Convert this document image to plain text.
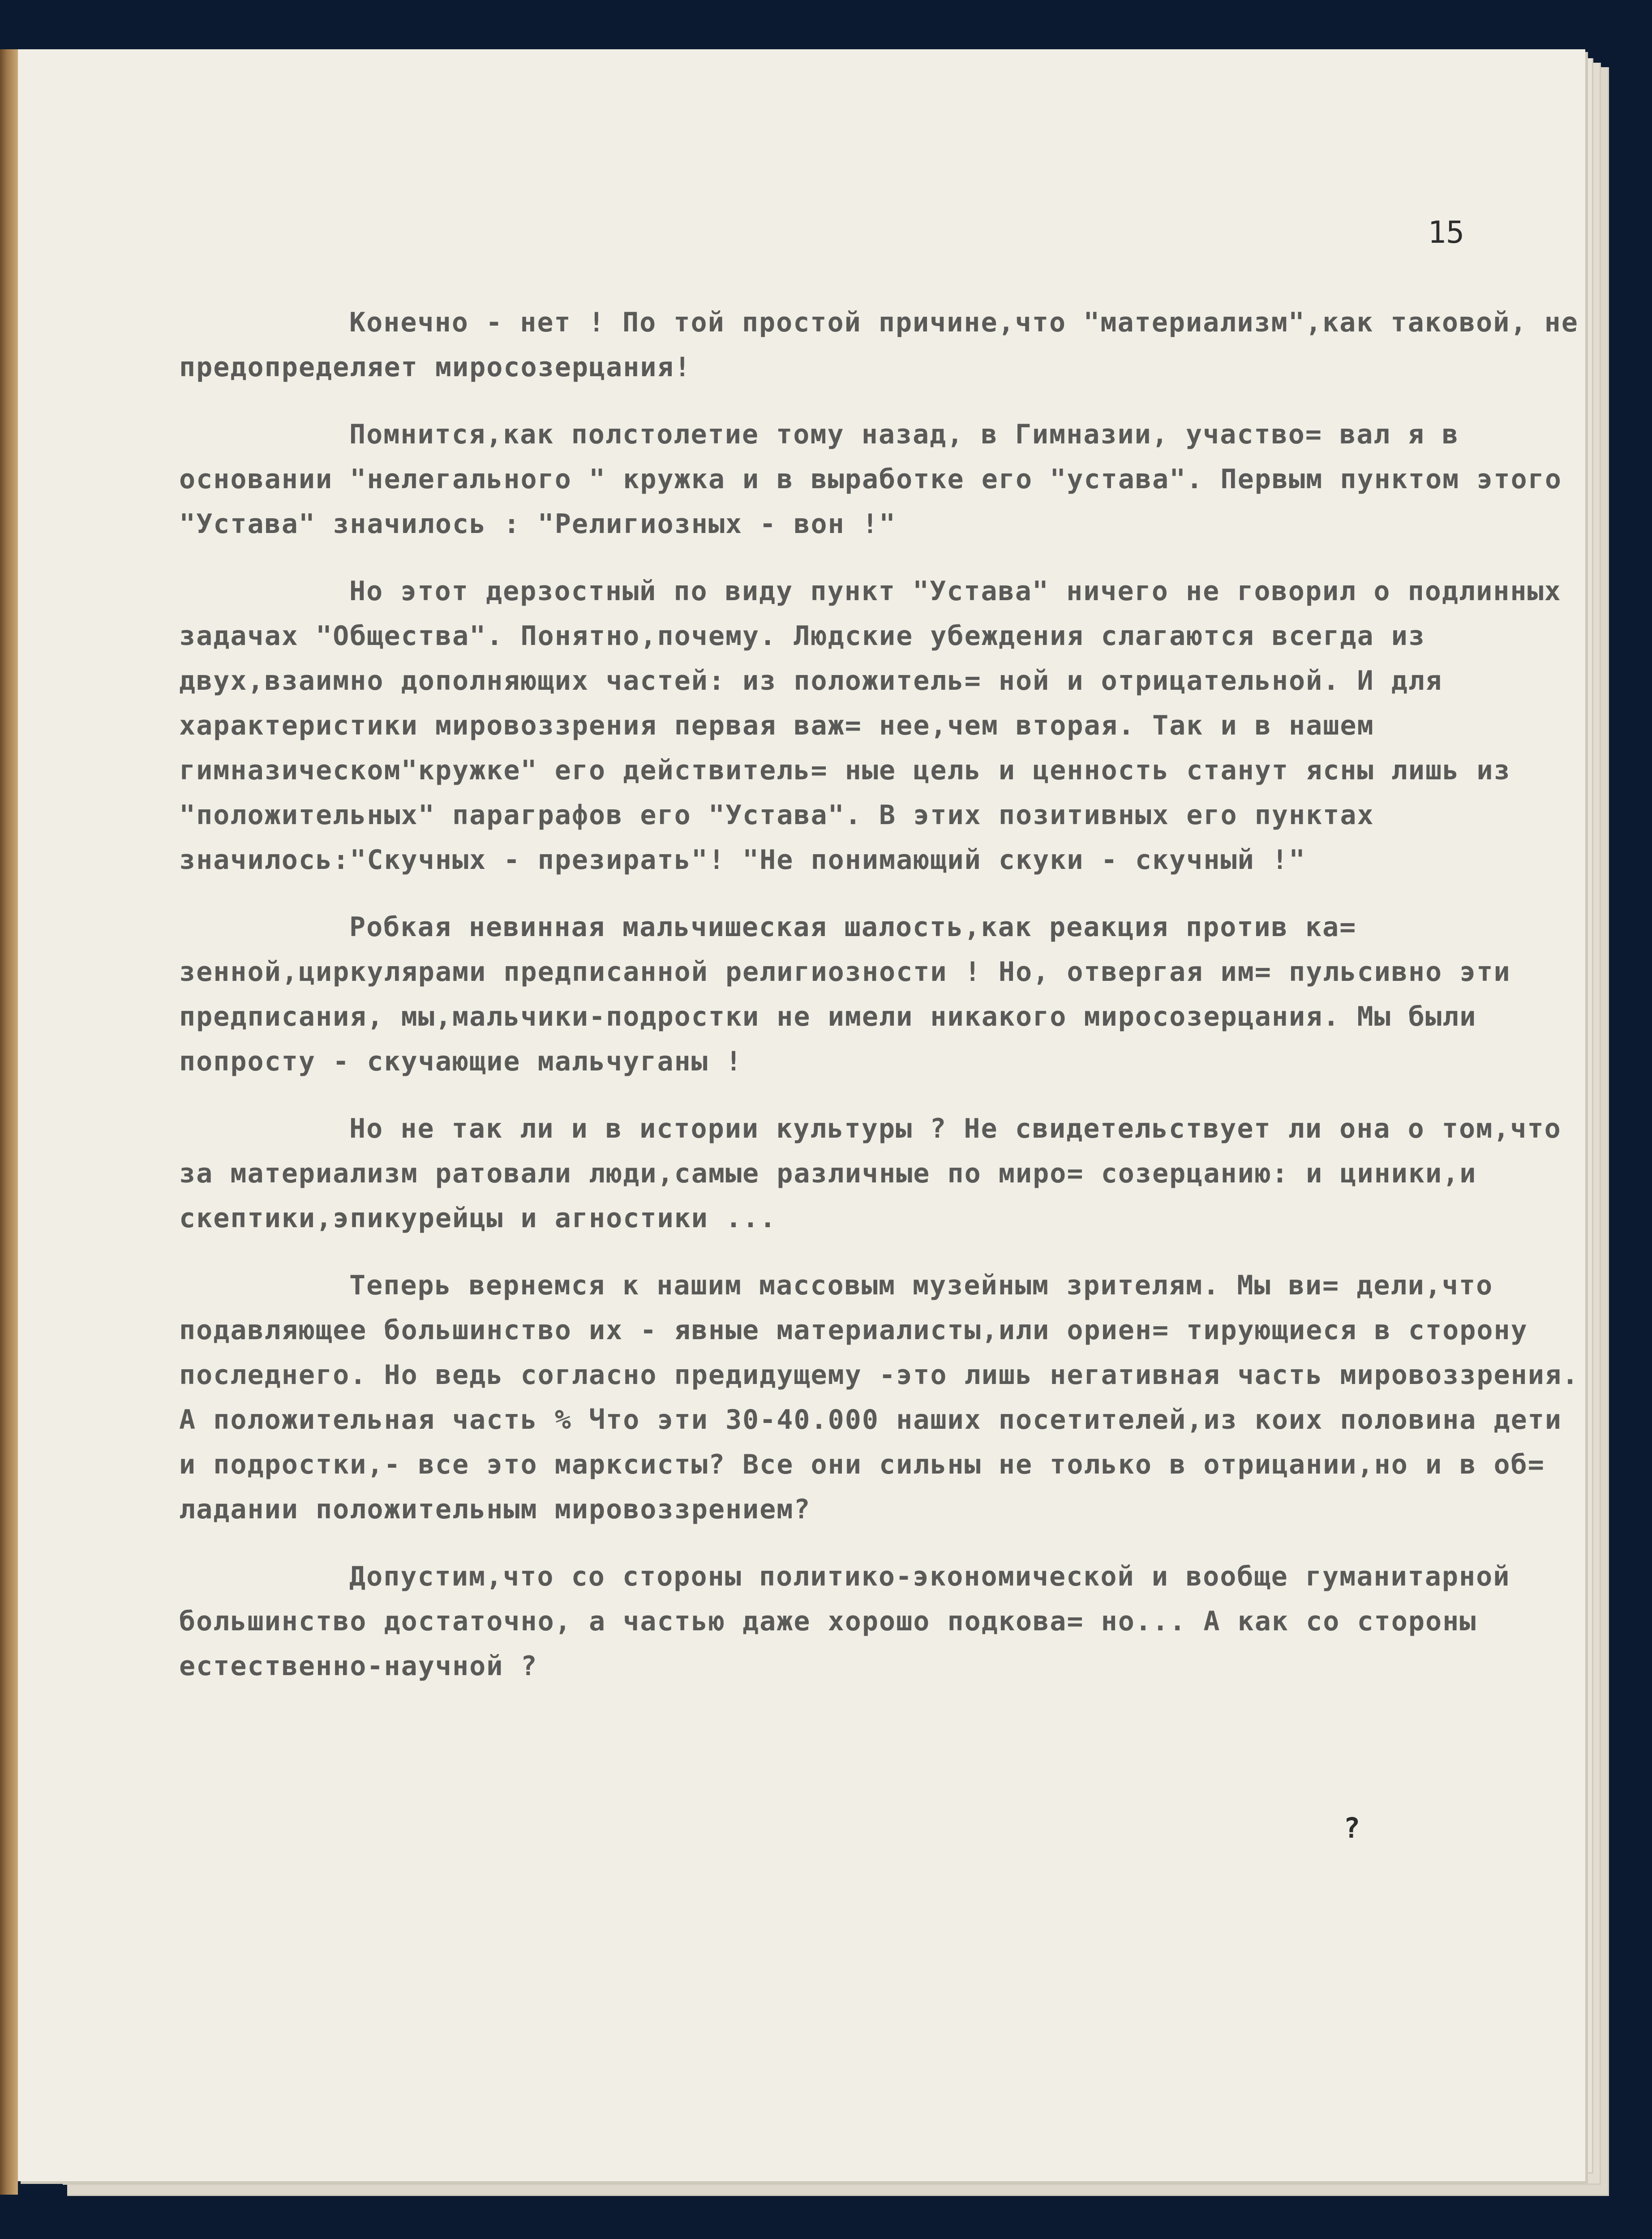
15

Конечно - нет ! По той простой причине,что "материализм",как таковой, не предопределяет миросозерцания!

Помнится,как полстолетие тому назад, в Гимназии, участво= вал я в основании "нелегального " кружка и в выработке его "устава". Первым пунктом этого "Устава" значилось : "Религиозных - вон !"

Но этот дерзостный по виду пункт "Устава" ничего не говорил о подлинных задачах "Общества". Понятно,почему. Людские убеждения слагаются всегда из двух,взаимно дополняющих частей: из положитель= ной и отрицательной. И для характеристики мировоззрения первая важ= нее,чем вторая. Так и в нашем гимназическом"кружке" его действитель= ные цель и ценность станут ясны лишь из "положительных" параграфов его "Устава". В этих позитивных его пунктах значилось:"Скучных - презирать"! "Не понимающий скуки - скучный !"

Робкая невинная мальчишеская шалость,как реакция против ка= зенной,циркулярами предписанной религиозности ! Но, отвергая им= пульсивно эти предписания, мы,мальчики-подростки не имели никакого миросозерцания. Мы были попросту - скучающие мальчуганы !

Но не так ли и в истории культуры ? Не свидетельствует ли она о том,что за материализм ратовали люди,самые различные по миро= созерцанию: и циники,и скептики,эпикурейцы и агностики ...

Теперь вернемся к нашим массовым музейным зрителям. Мы ви= дели,что подавляющее большинство их - явные материалисты,или ориен= тирующиеся в сторону последнего. Но ведь согласно предидущему -это лишь негативная часть мировоззрения. А положительная часть % Что эти 30-40.000 наших посетителей,из коих половина дети и подростки,- все это марксисты? Все они сильны не только в отрицании,но и в об= ладании положительным мировоззрением?

Допустим,что со стороны политико-экономической и вообще гуманитарной большинство достаточно, а частью даже хорошо подкова= но... А как со стороны естественно-научной ?

?
